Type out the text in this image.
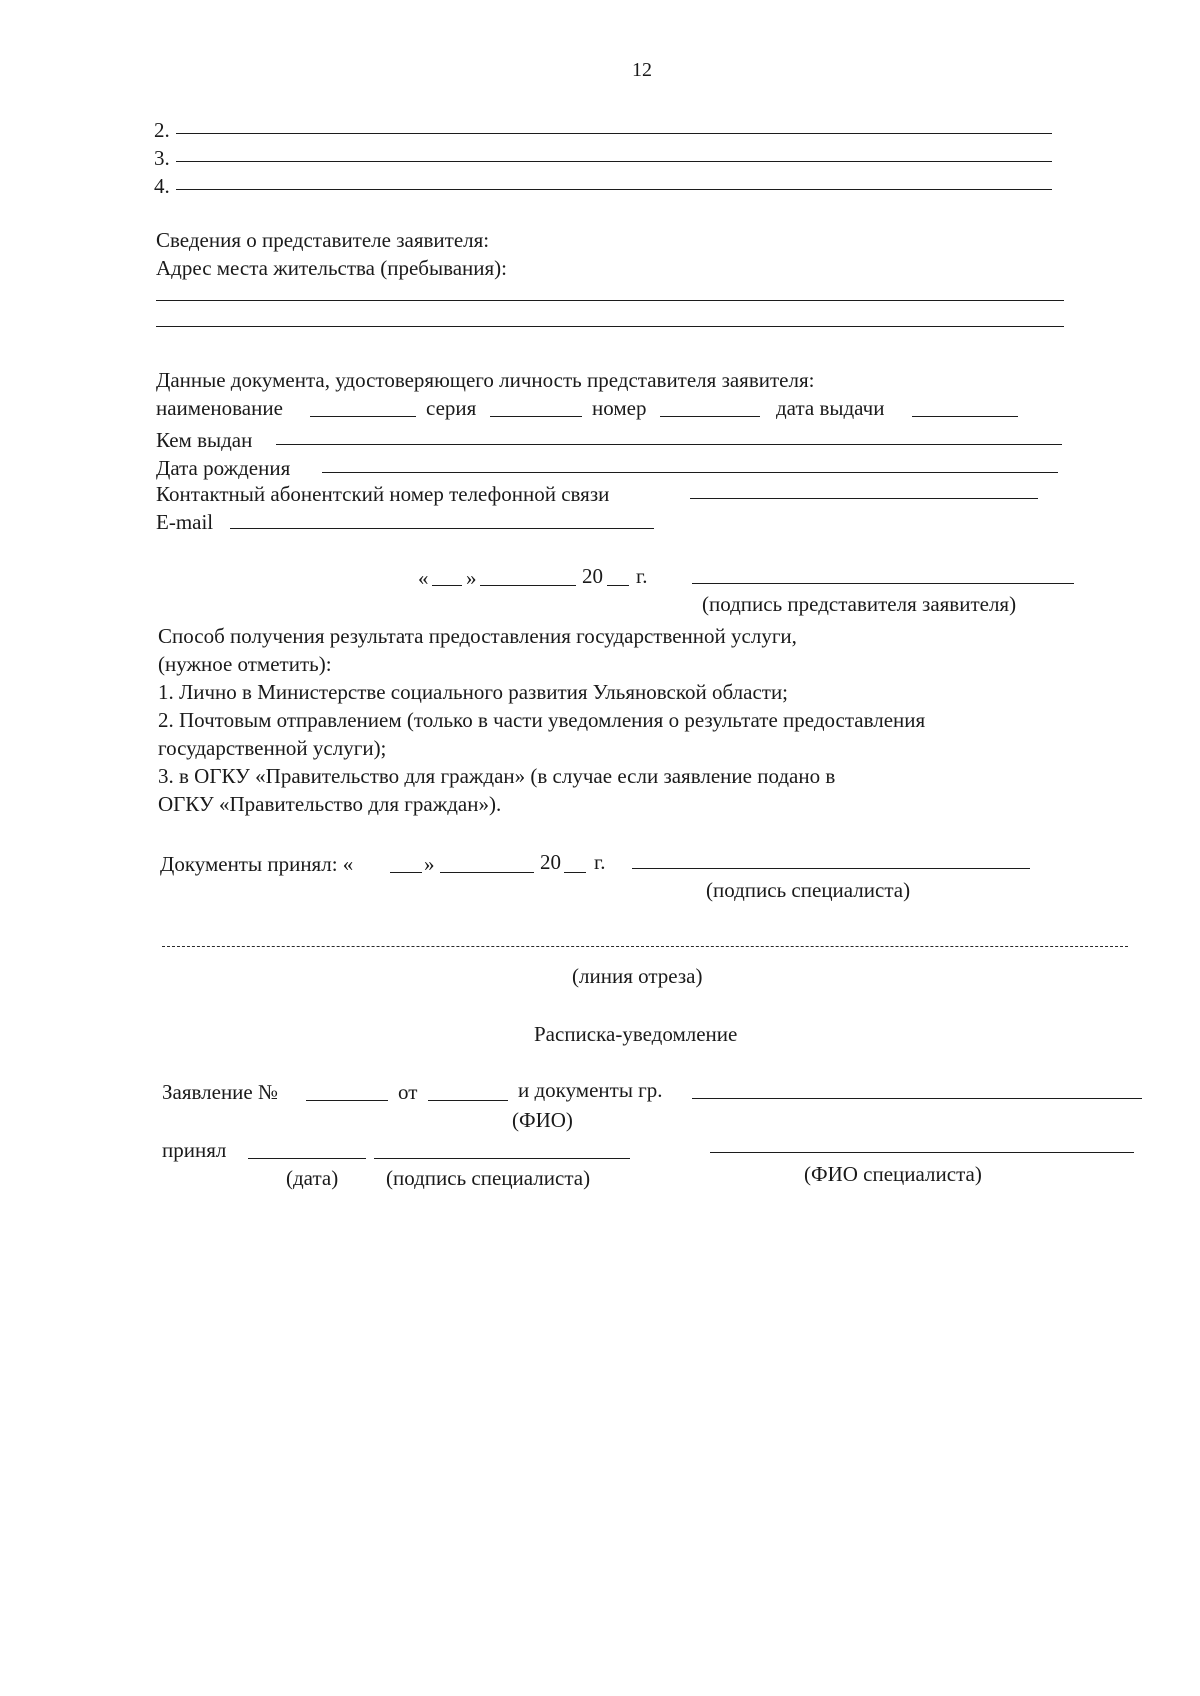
12
2.
3.
4.
Сведения о представителе заявителя:
Адрес места жительства (пребывания):
Данные документа, удостоверяющего личность представителя заявителя:
наименование	серия	номер	дата выдачи
Кем выдан
Дата рождения
Контактный абонентский номер телефонной связи
E-mail
« »	20 г.
(подпись представителя заявителя)
Способ получения результата предоставления государственной услуги,
(нужное отметить):
1. Лично в Министерстве социального развития Ульяновской области;
2. Почтовым отправлением (только в части уведомления о результате предоставления
государственной услуги);
3. в ОГКУ «Правительство для граждан» (в случае если заявление подано в
ОГКУ «Правительство для граждан»).
Документы принял: «	»	20 г.
(подпись специалиста)
(линия отреза)
Расписка-уведомление
Заявление №	от	и документы гр.
(ФИО)
принял
(дата) (подпись специалиста)	(ФИО специалиста)
